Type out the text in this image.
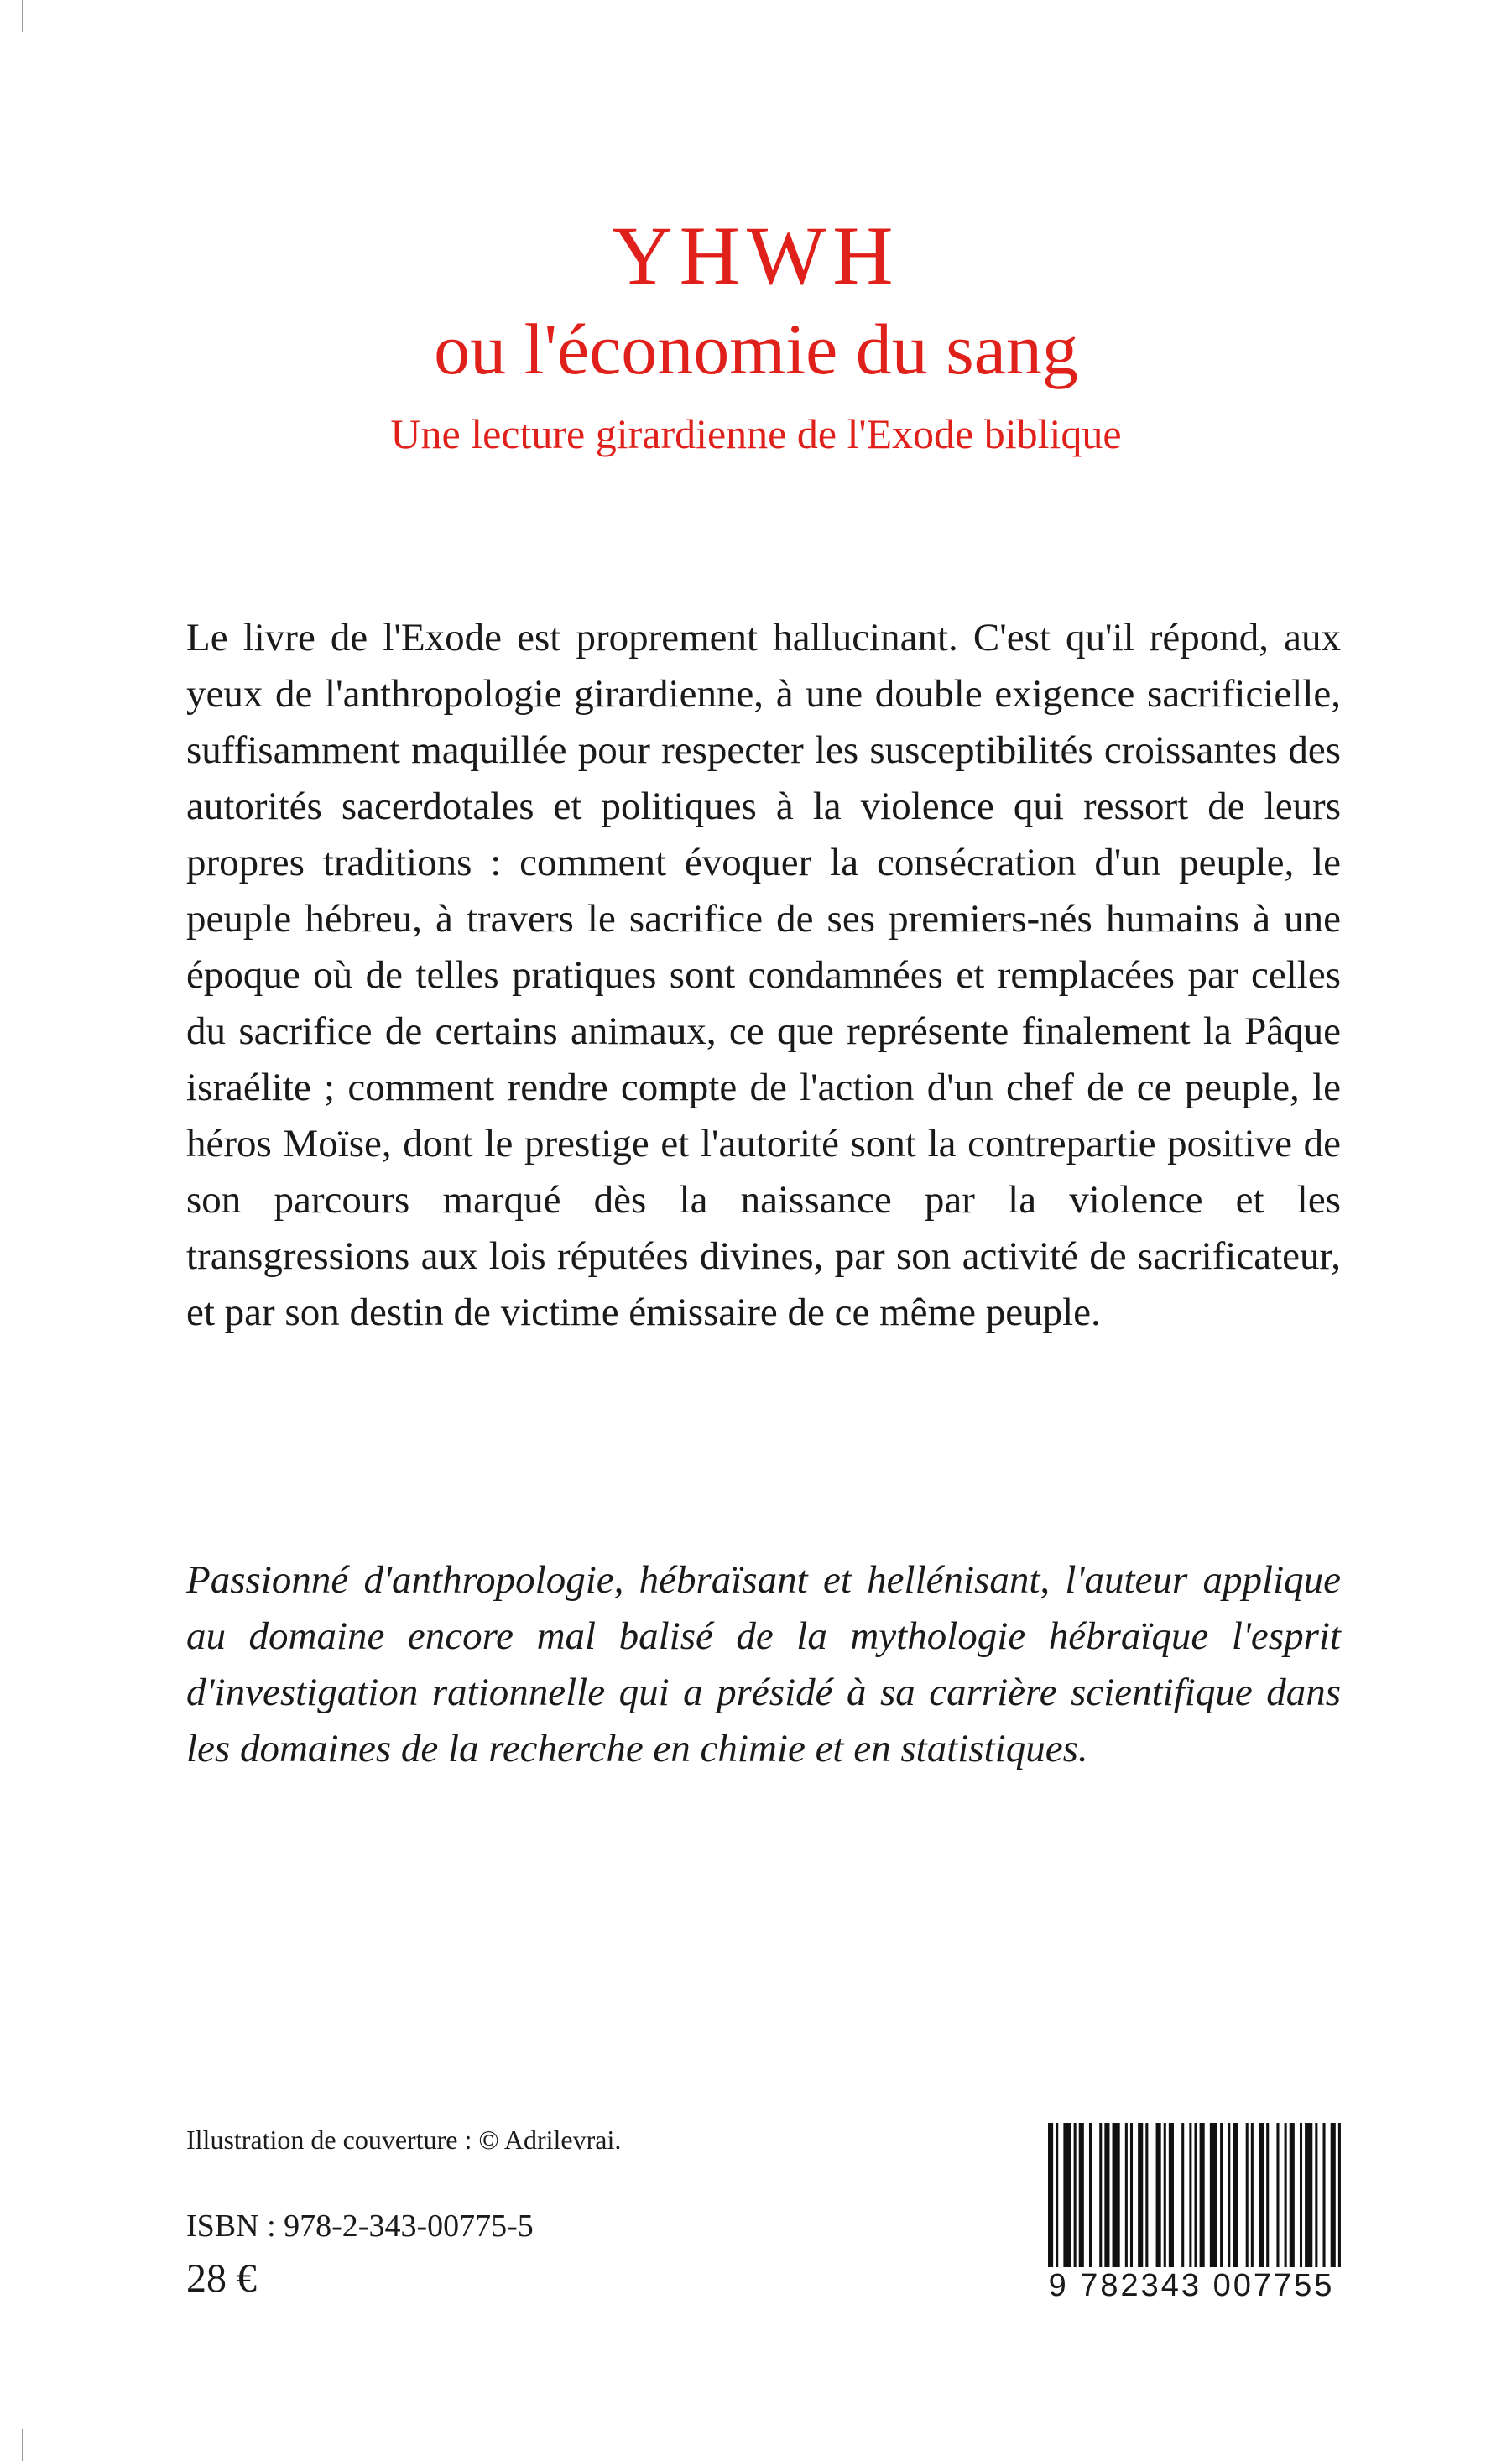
YHWH
ou l'économie du sang
Une lecture girardienne de l'Exode biblique

Le livre de l'Exode est proprement hallucinant. C'est qu'il répond, aux yeux de l'anthropologie girardienne, à une double exigence sacrificielle, suffisamment maquillée pour respecter les susceptibilités croissantes des autorités sacerdotales et politiques à la violence qui ressort de leurs propres traditions : comment évoquer la consécration d'un peuple, le peuple hébreu, à travers le sacrifice de ses premiers-nés humains à une époque où de telles pratiques sont condamnées et remplacées par celles du sacrifice de certains animaux, ce que représente finalement la Pâque israélite ; comment rendre compte de l'action d'un chef de ce peuple, le héros Moïse, dont le prestige et l'autorité sont la contrepartie positive de son parcours marqué dès la naissance par la violence et les transgressions aux lois réputées divines, par son activité de sacrificateur, et par son destin de victime émissaire de ce même peuple.

Passionné d'anthropologie, hébraïsant et hellénisant, l'auteur applique au domaine encore mal balisé de la mythologie hébraïque l'esprit d'investigation rationnelle qui a présidé à sa carrière scientifique dans les domaines de la recherche en chimie et en statistiques.

Illustration de couverture : © Adrilevrai.
ISBN : 978-2-343-00775-5
28 €	9 782343 007755
